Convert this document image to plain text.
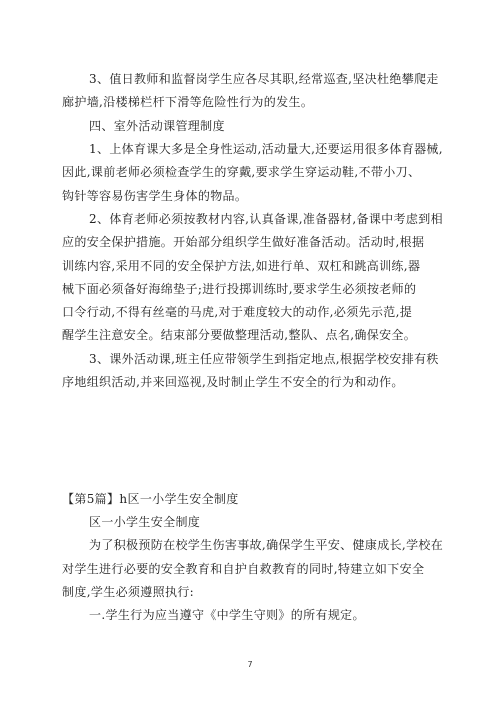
3、值日教师和监督岗学生应各尽其职,经常巡查,坚决杜绝攀爬走
廊护墙,沿楼梯栏杆下滑等危险性行为的发生。
四、室外活动课管理制度
1、上体育课大多是全身性运动,活动量大,还要运用很多体育器械,
因此,课前老师必须检查学生的穿戴,要求学生穿运动鞋,不带小刀、
钩针等容易伤害学生身体的物品。
2、体育老师必须按教材内容,认真备课,准备器材,备课中考虑到相
应的安全保护措施。开始部分组织学生做好准备活动。活动时,根据
训练内容,采用不同的安全保护方法,如进行单、双杠和跳高训练,器
械下面必须备好海绵垫子;进行投掷训练时,要求学生必须按老师的
口令行动,不得有丝毫的马虎,对于难度较大的动作,必须先示范,提
醒学生注意安全。结束部分要做整理活动,整队、点名,确保安全。
3、课外活动课,班主任应带领学生到指定地点,根据学校安排有秩
序地组织活动,并来回巡视,及时制止学生不安全的行为和动作。
【第5篇】h区一小学生安全制度
区一小学生安全制度
为了积极预防在校学生伤害事故,确保学生平安、健康成长,学校在
对学生进行必要的安全教育和自护自救教育的同时,特建立如下安全
制度,学生必须遵照执行:
一.学生行为应当遵守《中学生守则》的所有规定。
7
